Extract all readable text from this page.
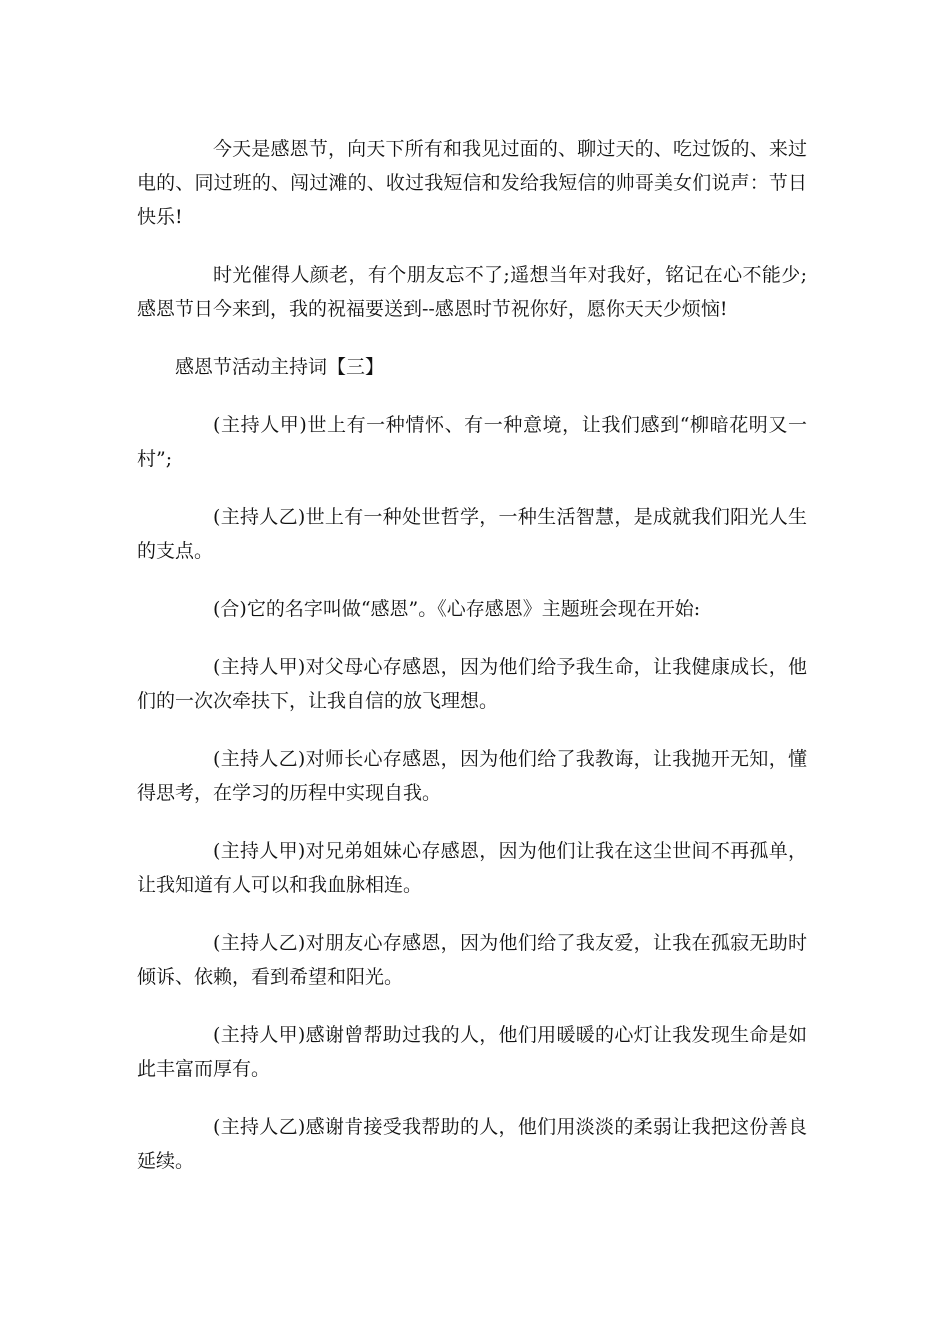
今天是感恩节，向天下所有和我见过面的、聊过天的、吃过饭的、来过电的、同过班的、闯过滩的、收过我短信和发给我短信的帅哥美女们说声：节日快乐!

时光催得人颜老，有个朋友忘不了;遥想当年对我好，铭记在心不能少;感恩节日今来到，我的祝福要送到--感恩时节祝你好，愿你天天少烦恼!

感恩节活动主持词【三】

(主持人甲)世上有一种情怀、有一种意境，让我们感到“柳暗花明又一村”;

(主持人乙)世上有一种处世哲学，一种生活智慧，是成就我们阳光人生的支点。

(合)它的名字叫做“感恩”。《心存感恩》主题班会现在开始:

(主持人甲)对父母心存感恩，因为他们给予我生命，让我健康成长，他们的一次次牵扶下，让我自信的放飞理想。

(主持人乙)对师长心存感恩，因为他们给了我教诲，让我抛开无知，懂得思考，在学习的历程中实现自我。

(主持人甲)对兄弟姐妹心存感恩，因为他们让我在这尘世间不再孤单，让我知道有人可以和我血脉相连。

(主持人乙)对朋友心存感恩，因为他们给了我友爱，让我在孤寂无助时倾诉、依赖，看到希望和阳光。

(主持人甲)感谢曾帮助过我的人，他们用暖暖的心灯让我发现生命是如此丰富而厚有。

(主持人乙)感谢肯接受我帮助的人，他们用淡淡的柔弱让我把这份善良延续。
